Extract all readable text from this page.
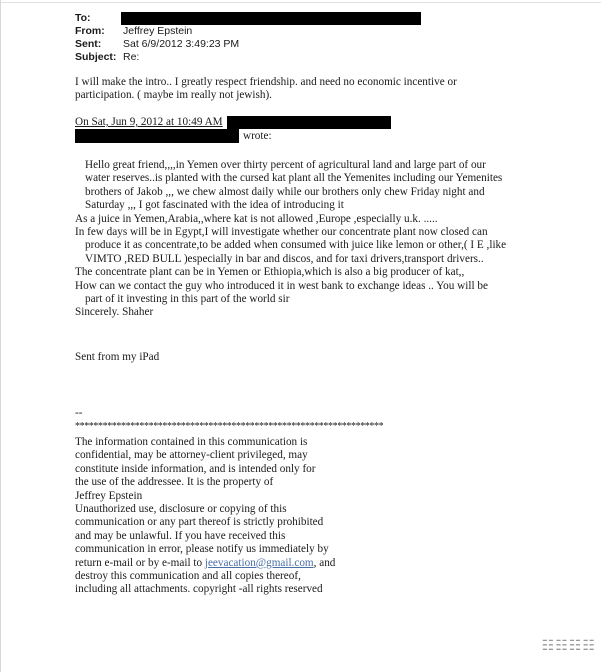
To:
From:	Jeffrey Epstein
Sent:	Sat 6/9/2012 3:49:23 PM
Subject: Re:
I will make the intro.. I greatly respect friendship. and need no economic incentive or
participation. ( maybe im really not jewish).
On Sat, Jun 9, 2012 at 10:49 AM
wrote:
Hello great friend,,,,in Yemen over thirty percent of agricultural land and large part of our
water reserves..is planted with the cursed kat plant all the Yemenites including our Yemenites
brothers of Jakob ,,, we chew almost daily while our brothers only chew Friday night and
Saturday ,,, I got fascinated with the idea of introducing it
As a juice in Yemen,Arabia,,where kat is not allowed ,Europe ,especially u.k. .....
In few days will be in Egypt,I will investigate whether our concentrate plant now closed can
produce it as concentrate,to be added when consumed with juice like lemon or other,( I E ,like
VIMTO ,RED BULL )especially in bar and discos, and for taxi drivers,transport drivers..
The concentrate plant can be in Yemen or Ethiopia,which is also a big producer of kat,,
How can we contact the guy who introduced it in west bank to exchange ideas .. You will be
part of it investing in this part of the world sir
Sincerely. Shaher
Sent from my iPad
--
*******************************************************************
The information contained in this communication is
confidential, may be attorney-client privileged, may
constitute inside information, and is intended only for
the use of the addressee. It is the property of
Jeffrey Epstein
Unauthorized use, disclosure or copying of this
communication or any part thereof is strictly prohibited
and may be unlawful. If you have received this
communication in error, please notify us immediately by
return e-mail or by e-mail to jeevacation@gmail.com, and
destroy this communication and all copies thereof,
including all attachments. copyright -all rights reserved
☷☷☷☷
